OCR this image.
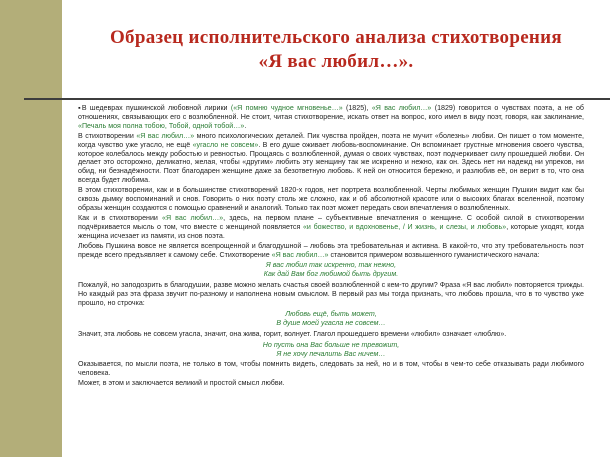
Образец исполнительского анализа стихотворения
«Я вас любил…».

▪В шедеврах пушкинской любовной лирики («Я помню чудное мгновенье…» (1825), «Я вас любил…» (1829) говорится о чувствах поэта, а не об отношениях, связывающих его с возлюбленной. Не стоит, читая стихотворение, искать ответ на вопрос, кого имел в виду поэт, говоря, как заклинание, «Печаль моя полна тобою, Тобой, одной тобой…».

В стихотворении «Я вас любил…» много психологических деталей. Пик чувства пройден, поэта не мучит «болезнь» любви. Он пишет о том моменте, когда чувство уже угасло, не ещё «угасло не совсем». В его душе оживает любовь-воспоминание. Он вспоминает грустные мгновения своего чувства, которое колебалось между робостью и ревностью. Прощаясь с возлюбленной, думая о своих чувствах, поэт подчеркивает силу прошедшей любви. Он делает это осторожно, деликатно, желая, чтобы «другим» любить эту женщину так же искренно и нежно, как он. Здесь нет ни надежд ни упреков, ни обид, ни безнадёжности. Поэт благодарен женщине даже за безответную любовь. К ней он относится бережно, и разлюбив её, он верит в то, что она всегда будет любима.

В этом стихотворении, как и в большинстве стихотворений 1820-х годов, нет портрета возлюбленной. Черты любимых женщин Пушкин видит как бы сквозь дымку воспоминаний и снов. Говорить о них поэту столь же сложно, как и об абсолютной красоте или о высоких благах вселенной, поэтому образы женщин создаются с помощью сравнений и аналогий. Только так поэт может передать свои впечатления о возлюбленных.

Как и в стихотворении «Я вас любил…», здесь, на первом плане – субъективные впечатления о женщине. С особой силой в стихотворении подчёркивается мысль о том, что вместе с женщиной появляется «и божество, и вдохновенье, / И жизнь, и слезы, и любовь», которые уходят, когда женщина исчезает из памяти, из снов поэта.

Любовь Пушкина вовсе не является всепрощенной и благодушной – любовь эта требовательная и активна. В какой-то, что эту требовательность поэт прежде всего предъявляет к самому себе. Стихотворение «Я вас любил…» становится примером возвышенного гуманистического начала:

Я вас любил так искренно, так нежно,
Как дай Вам бог любимой быть другим.

Пожалуй, но заподозрить в благодушии, разве можно желать счастья своей возлюбленной с кем-то другим? Фраза «Я вас любил» повторяется трижды. Но каждый раз эта фраза звучит по-разному и наполнена новым смыслом. В первый раз мы тогда признать, что любовь прошла, что в то чувство уже прошло, но строчка:

Любовь ещё, быть может,
В душе моей угасла не совсем…

Значит, эта любовь не совсем угасла, значит, она жива, горит, волнует. Глагол прошедшего времени «любил» означает «люблю».

Но пусть она Вас больше не тревожит,
Я не хочу печалить Вас ничем…

Оказывается, по мысли поэта, не только в том, чтобы помнить видеть, следовать за ней, но и в том, чтобы в чем-то себе отказывать ради любимого человека.

Может, в этом и заключается великий и простой смысл любви.
